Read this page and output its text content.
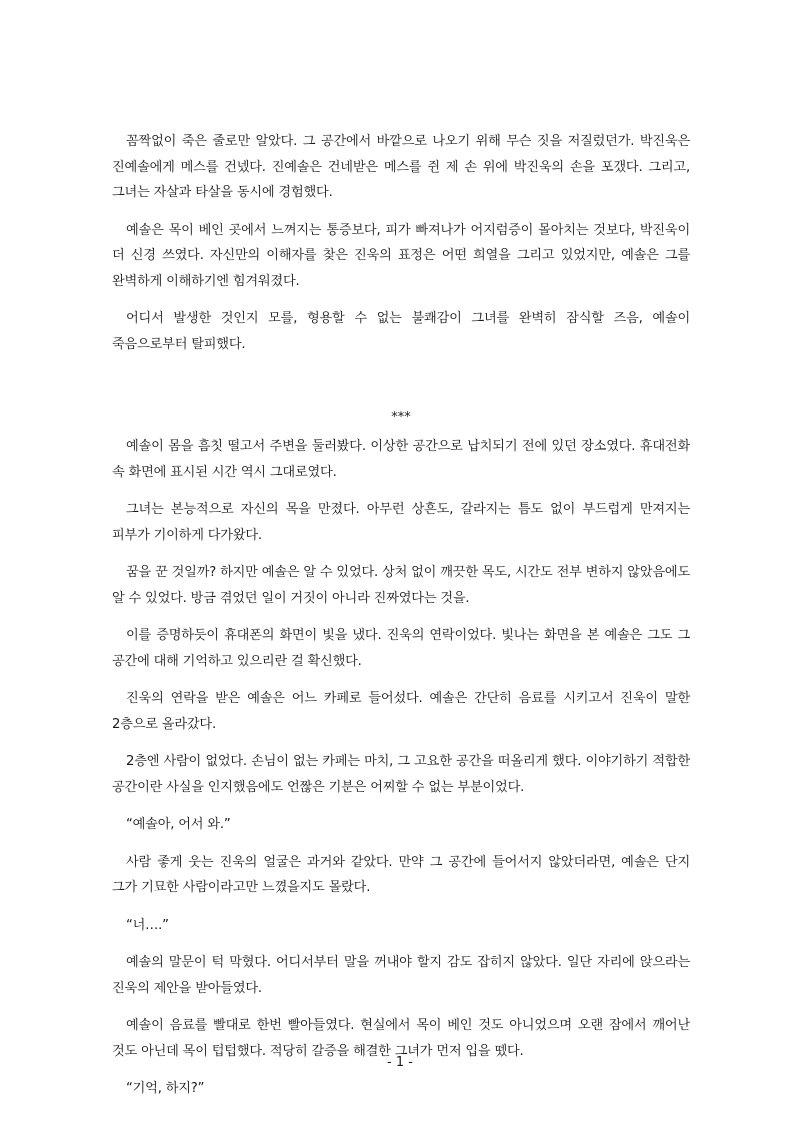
꼼짝없이 죽은 줄로만 알았다. 그 공간에서 바깥으로 나오기 위해 무슨 짓을 저질렀던가. 박진욱은 진예솔에게 메스를 건넸다. 진예솔은 건네받은 메스를 쥔 제 손 위에 박진욱의 손을 포갰다. 그리고, 그녀는 자살과 타살을 동시에 경험했다.

예솔은 목이 베인 곳에서 느껴지는 통증보다, 피가 빠져나가 어지럼증이 몰아치는 것보다, 박진욱이 더 신경 쓰였다. 자신만의 이해자를 찾은 진욱의 표정은 어떤 희열을 그리고 있었지만, 예솔은 그를 완벽하게 이해하기엔 힘겨워졌다.

어디서 발생한 것인지 모를, 형용할 수 없는 불쾌감이 그녀를 완벽히 잠식할 즈음, 예솔이 죽음으로부터 탈피했다.

***

예솔이 몸을 흠칫 떨고서 주변을 둘러봤다. 이상한 공간으로 납치되기 전에 있던 장소였다. 휴대전화 속 화면에 표시된 시간 역시 그대로였다.

그녀는 본능적으로 자신의 목을 만졌다. 아무런 상흔도, 갈라지는 틈도 없이 부드럽게 만져지는 피부가 기이하게 다가왔다.

꿈을 꾼 것일까? 하지만 예솔은 알 수 있었다. 상처 없이 깨끗한 목도, 시간도 전부 변하지 않았음에도 알 수 있었다. 방금 겪었던 일이 거짓이 아니라 진짜였다는 것을.

이를 증명하듯이 휴대폰의 화면이 빛을 냈다. 진욱의 연락이었다. 빛나는 화면을 본 예솔은 그도 그 공간에 대해 기억하고 있으리란 걸 확신했다.

진욱의 연락을 받은 예솔은 어느 카페로 들어섰다. 예솔은 간단히 음료를 시키고서 진욱이 말한 2층으로 올라갔다.

2층엔 사람이 없었다. 손님이 없는 카페는 마치, 그 고요한 공간을 떠올리게 했다. 이야기하기 적합한 공간이란 사실을 인지했음에도 언짢은 기분은 어찌할 수 없는 부분이었다.

“예솔아, 어서 와.”

사람 좋게 웃는 진욱의 얼굴은 과거와 같았다. 만약 그 공간에 들어서지 않았더라면, 예솔은 단지 그가 기묘한 사람이라고만 느꼈을지도 몰랐다.

“너….”

예솔의 말문이 턱 막혔다. 어디서부터 말을 꺼내야 할지 감도 잡히지 않았다. 일단 자리에 앉으라는 진욱의 제안을 받아들였다.

예솔이 음료를 빨대로 한번 빨아들였다. 현실에서 목이 베인 것도 아니었으며 오랜 잠에서 깨어난 것도 아닌데 목이 텁텁했다. 적당히 갈증을 해결한 그녀가 먼저 입을 뗐다.

“기억, 하지?”

- 1 -
